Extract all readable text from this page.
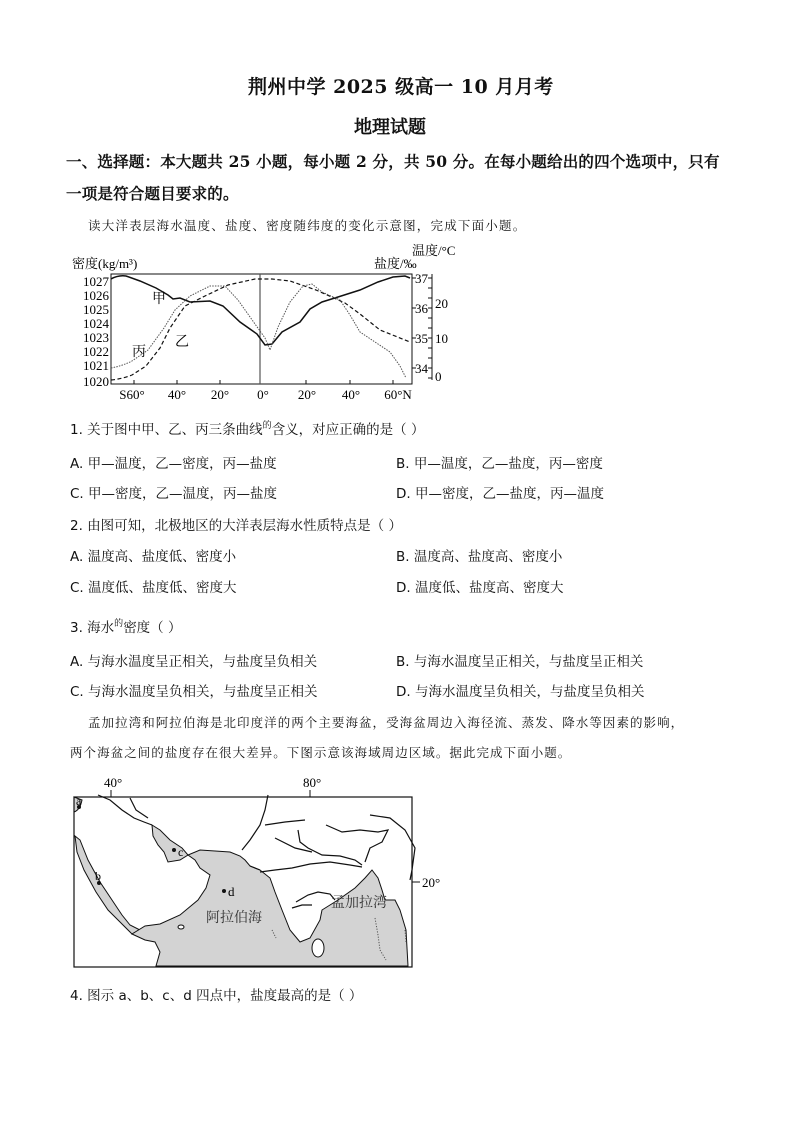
荆州中学 2025 级高一 10 月月考
地理试题
一、选择题：本大题共 25 小题，每小题 2 分，共 50 分。在每小题给出的四个选项中，只有
一项是符合题目要求的。
读大洋表层海水温度、盐度、密度随纬度的变化示意图，完成下面小题。
密度(kg/m³)	盐度/‰
温度/°C
1027
1026
1025
1024
1023
1022
1021
1020
S60° 40° 20° 0° 20° 40° 60°N
37
36
35
34
20
10
0
甲
乙
丙
1. 关于图中甲、乙、丙三条曲线$^的$含义，对应正确的是（ ）
A. 甲—温度，乙—密度，丙—盐度	B. 甲—温度，乙—盐度，丙—密度
C. 甲—密度，乙—温度，丙—盐度	D. 甲—密度，乙—盐度，丙—温度
2. 由图可知，北极地区的大洋表层海水性质特点是（ ）
A. 温度高、盐度低、密度小	B. 温度高、盐度高、密度小
C. 温度低、盐度低、密度大	D. 温度低、盐度高、密度大
3. 海水$^的$密度（ ）
A. 与海水温度呈正相关，与盐度呈负相关	B. 与海水温度呈正相关，与盐度呈正相关
C. 与海水温度呈负相关，与盐度呈正相关	D. 与海水温度呈负相关，与盐度呈负相关
孟加拉湾和阿拉伯海是北印度洋的两个主要海盆，受海盆周边入海径流、蒸发、降水等因素的影响，
两个海盆之间的盐度存在很大差异。下图示意该海域周边区域。据此完成下面小题。
40°	80°
20°
a
b
c
d
阿拉伯海
孟加拉湾
4. 图示 a、b、c、d 四点中，盐度最高的是（ ）
